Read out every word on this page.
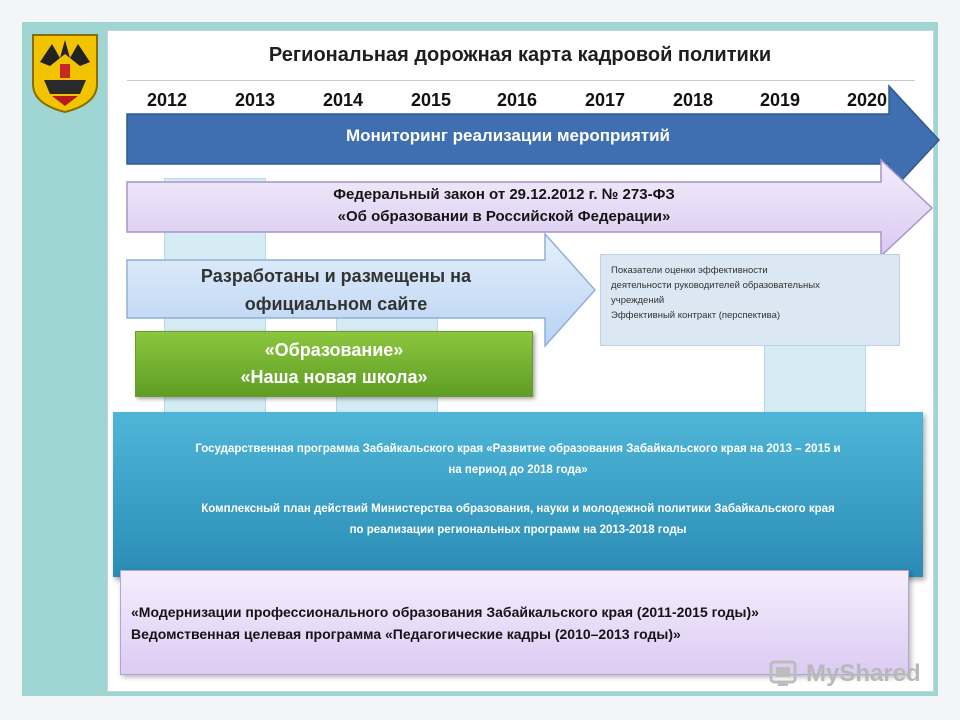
Региональная дорожная карта кадровой политики
2012	2013	2014	2015	2016	2017	2018	2019	2020
Мониторинг реализации мероприятий
Федеральный закон от 29.12.2012 г. № 273-ФЗ
«Об образовании в Российской Федерации»
Разработаны и размещены на
официальном сайте
Показатели оценки эффективности
деятельности руководителей образовательных
учреждений
Эффективный контракт (перспектива)
«Образование»
«Наша новая школа»

Государственная программа Забайкальского края «Развитие образования Забайкальского края на 2013 – 2015 и

на период до 2018 года»

Комплексный план действий Министерства образования, науки и молодежной политики Забайкальского края

по реализации региональных программ на 2013-2018 годы

«Модернизации профессионального образования Забайкальского края (2011-2015 годы)»
Ведомственная целевая программа «Педагогические кадры (2010–2013 годы)»
MyShared
